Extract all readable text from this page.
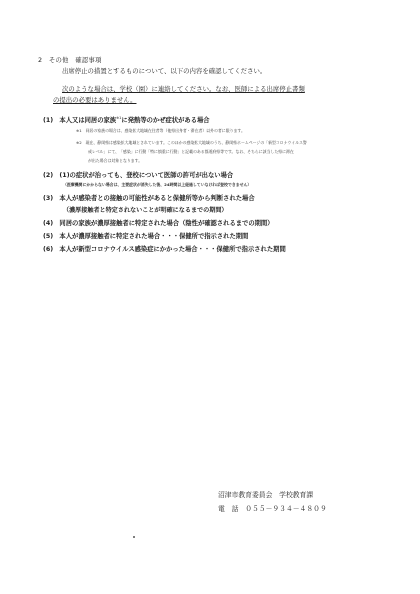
2　その他　確認事項
出席停止の措置とするものについて、以下の内容を確認してください。
次のような場合は、学校（園）に連絡してください。なお、医師による出席停止書類
の提出の必要はありません。
(1)　本人又は同居の家族$^{※1}$に発熱等のかぜ症状がある場合
※1　 同居の家族の場合は、感染拡大地域在住者等（他県出身者・滞在者）以外の者に限ります。
※2　 現在、静岡県は感染拡大地域とされています。このほかの感染拡大地域のうち、静岡県ホームページの「新型コロナウイルス警
戒レベル」にて、「感染」に行動「特に慎重に行動」と記載のある都道府県等です。なお、そちらに該当した県に滞在
が出た場合は対象となります。
(2)　(1)の症状が治っても、登校について医師の許可が出ない場合
（医療機関にかからない場合は、主要症状が消失した後、24時間以上経過していなければ登校できません）
(3)　本人が感染者との接触の可能性があると保健所等から判断された場合
（濃厚接触者と特定されないことが明確になるまでの期間）
(4)　同居の家族が濃厚接触者に特定された場合（陰性が確認されるまでの期間）
(5)　本人が濃厚接触者に特定された場合・・・保健所で指示された期間
(6)　本人が新型コロナウイルス感染症にかかった場合・・・保健所で指示された期間
沼津市教育委員会　学校教育課
電　話　 ０５５－９３４－４８０９
